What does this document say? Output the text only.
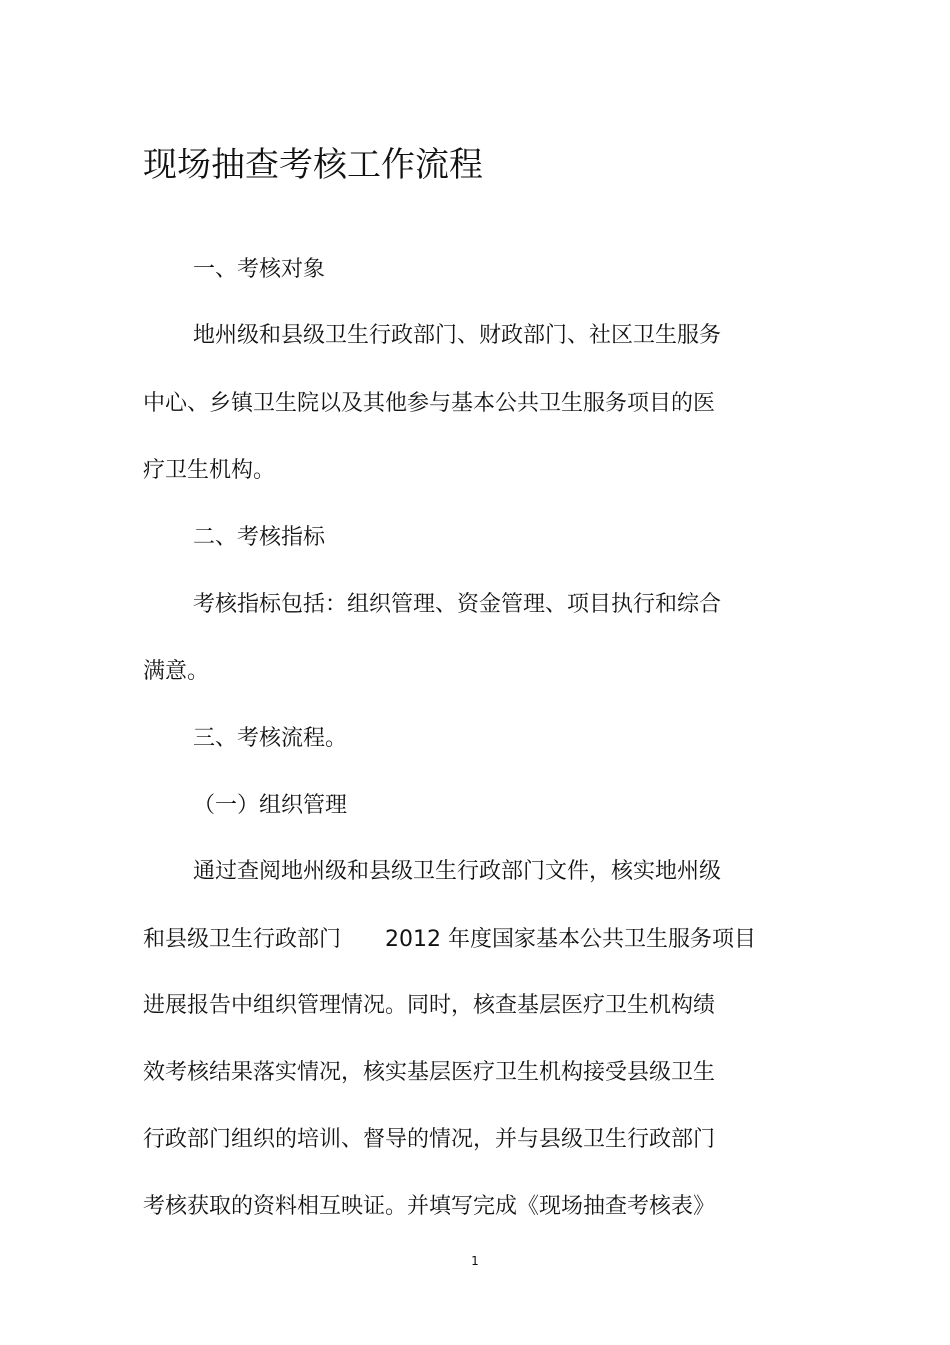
现场抽查考核工作流程

一、考核对象

地州级和县级卫生行政部门、财政部门、社区卫生服务

中心、乡镇卫生院以及其他参与基本公共卫生服务项目的医

疗卫生机构。

二、考核指标

考核指标包括：组织管理、资金管理、项目执行和综合

满意。

三、考核流程。

（一）组织管理

通过查阅地州级和县级卫生行政部门文件，核实地州级

和县级卫生行政部门　　2012 年度国家基本公共卫生服务项目

进展报告中组织管理情况。同时，核查基层医疗卫生机构绩

效考核结果落实情况，核实基层医疗卫生机构接受县级卫生

行政部门组织的培训、督导的情况，并与县级卫生行政部门

考核获取的资料相互映证。并填写完成《现场抽查考核表》

1
